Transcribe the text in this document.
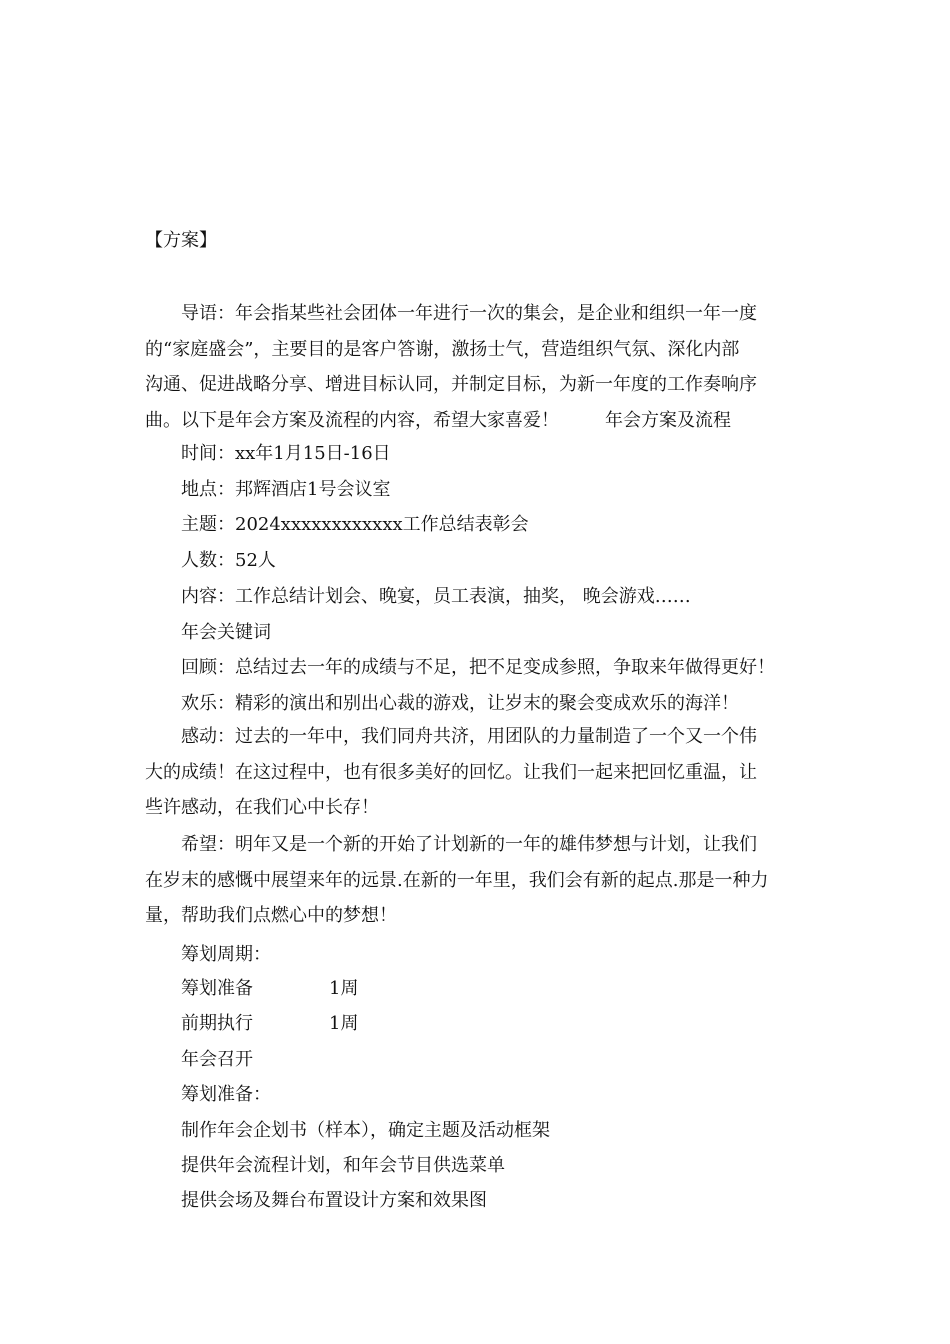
【方案】
导语：年会指某些社会团体一年进行一次的集会，是企业和组织一年一度
的“家庭盛会”，主要目的是客户答谢，激扬士气，营造组织气氛、深化内部
沟通、促进战略分享、增进目标认同，并制定目标，为新一年度的工作奏响序
曲。以下是年会方案及流程的内容，希望大家喜爱！	年会方案及流程
时间：xx年1月15日-16日
地点：邦辉酒店1号会议室
主题：2024xxxxxxxxxxxx工作总结表彰会
人数：52人
内容：工作总结计划会、晚宴，员工表演，抽奖， 晚会游戏……
年会关键词
回顾：总结过去一年的成绩与不足，把不足变成参照，争取来年做得更好！
欢乐：精彩的演出和别出心裁的游戏，让岁末的聚会变成欢乐的海洋！
感动：过去的一年中，我们同舟共济，用团队的力量制造了一个又一个伟
大的成绩！在这过程中，也有很多美好的回忆。让我们一起来把回忆重温，让
些许感动，在我们心中长存！
希望：明年又是一个新的开始了计划新的一年的雄伟梦想与计划，让我们
在岁末的感慨中展望来年的远景.在新的一年里，我们会有新的起点.那是一种力
量，帮助我们点燃心中的梦想！
筹划周期：
筹划准备	1周
前期执行	1周
年会召开
筹划准备：
制作年会企划书（样本），确定主题及活动框架
提供年会流程计划，和年会节目供选菜单
提供会场及舞台布置设计方案和效果图
